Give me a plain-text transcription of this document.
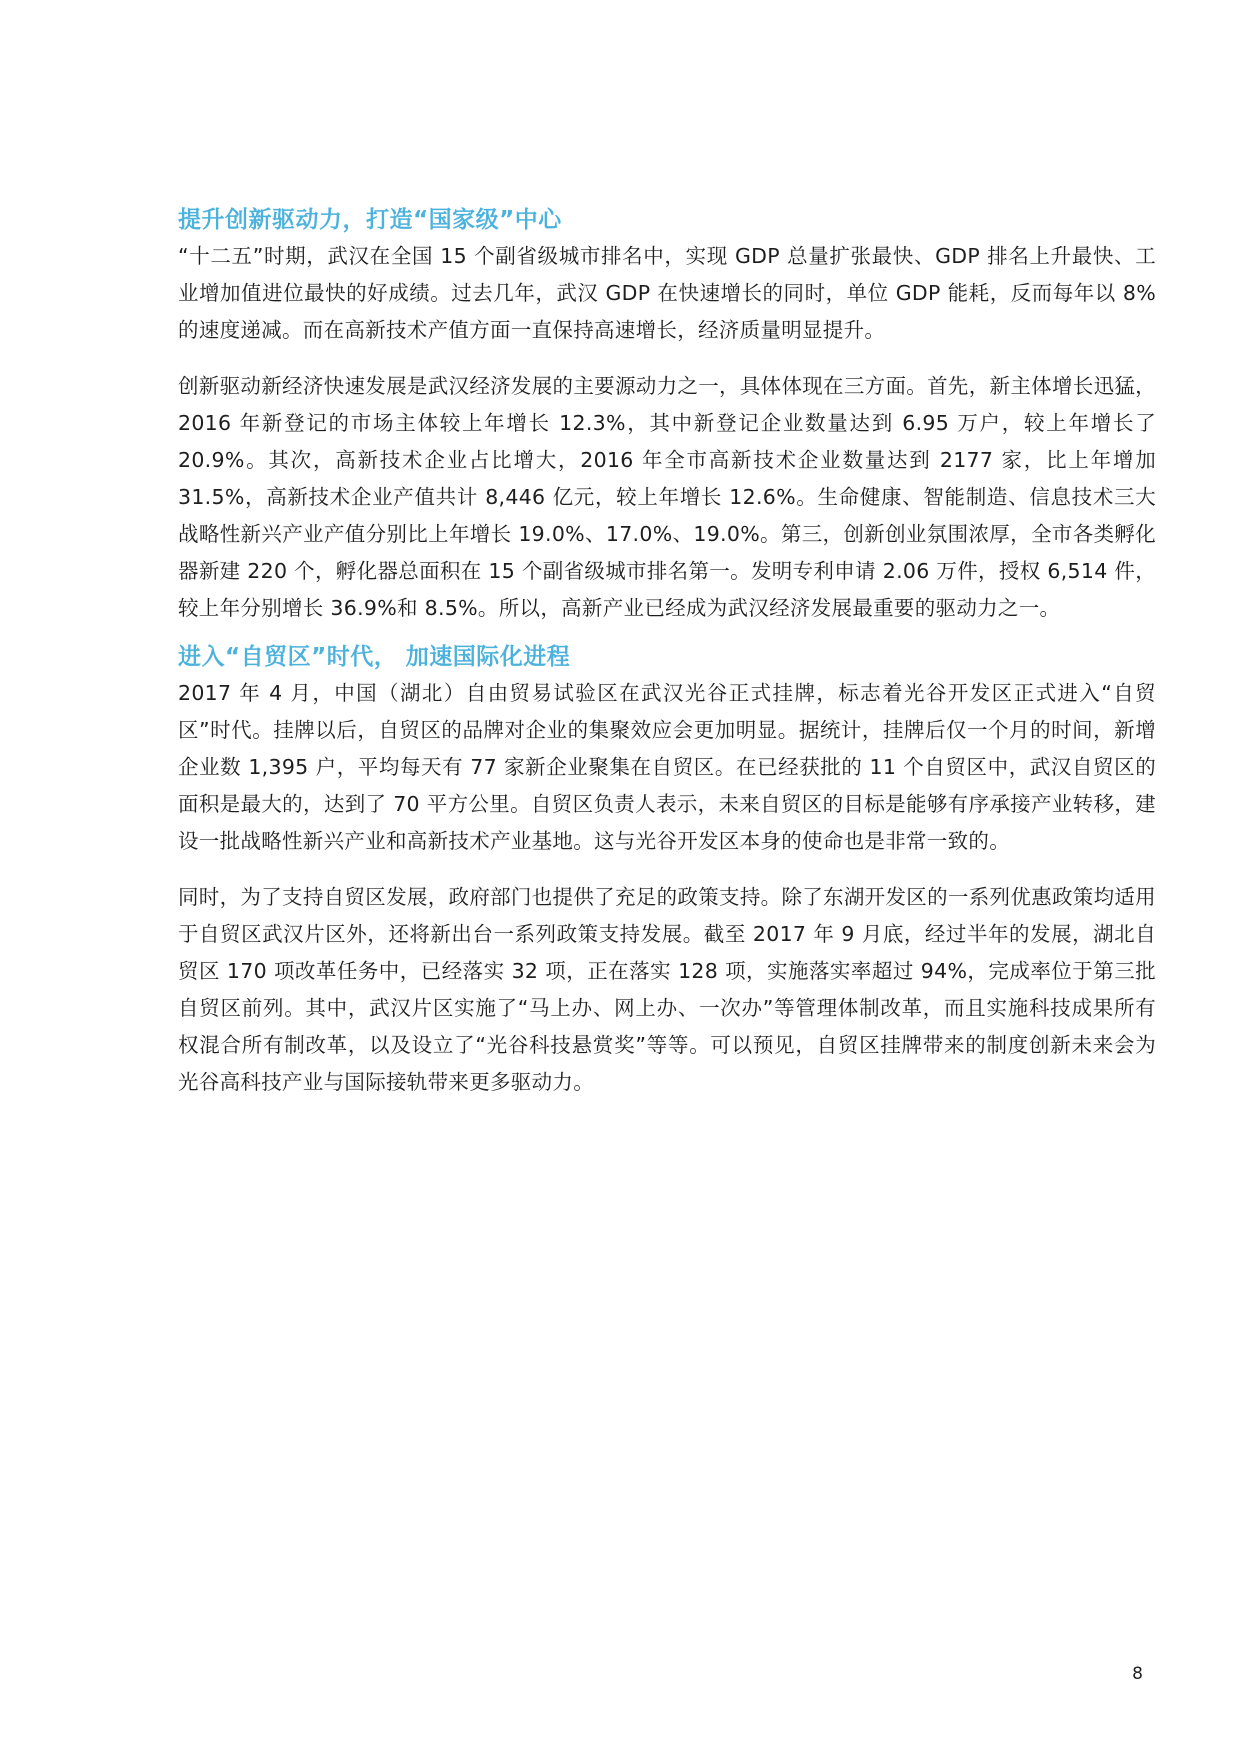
提升创新驱动力，打造“国家级”中心

“十二五”时期，武汉在全国 15 个副省级城市排名中，实现 GDP 总量扩张最快、GDP 排名上升最快、工业增加值进位最快的好成绩。过去几年，武汉 GDP 在快速增长的同时，单位 GDP 能耗，反而每年以 8%的速度递减。而在高新技术产值方面一直保持高速增长，经济质量明显提升。

创新驱动新经济快速发展是武汉经济发展的主要源动力之一，具体体现在三方面。首先，新主体增长迅猛，2016 年新登记的市场主体较上年增长 12.3%，其中新登记企业数量达到 6.95 万户，较上年增长了 20.9%。其次，高新技术企业占比增大，2016 年全市高新技术企业数量达到 2177 家，比上年增加 31.5%，高新技术企业产值共计 8,446 亿元，较上年增长 12.6%。生命健康、智能制造、信息技术三大战略性新兴产业产值分别比上年增长 19.0%、17.0%、19.0%。第三，创新创业氛围浓厚，全市各类孵化器新建 220 个，孵化器总面积在 15 个副省级城市排名第一。发明专利申请 2.06 万件，授权 6,514 件，较上年分别增长 36.9%和 8.5%。所以，高新产业已经成为武汉经济发展最重要的驱动力之一。

进入“自贸区”时代， 加速国际化进程

2017 年 4 月，中国（湖北）自由贸易试验区在武汉光谷正式挂牌，标志着光谷开发区正式进入“自贸区”时代。挂牌以后，自贸区的品牌对企业的集聚效应会更加明显。据统计，挂牌后仅一个月的时间，新增企业数 1,395 户，平均每天有 77 家新企业聚集在自贸区。在已经获批的 11 个自贸区中，武汉自贸区的面积是最大的，达到了 70 平方公里。自贸区负责人表示，未来自贸区的目标是能够有序承接产业转移，建设一批战略性新兴产业和高新技术产业基地。这与光谷开发区本身的使命也是非常一致的。

同时，为了支持自贸区发展，政府部门也提供了充足的政策支持。除了东湖开发区的一系列优惠政策均适用于自贸区武汉片区外，还将新出台一系列政策支持发展。截至 2017 年 9 月底，经过半年的发展，湖北自贸区 170 项改革任务中，已经落实 32 项，正在落实 128 项，实施落实率超过 94%，完成率位于第三批自贸区前列。其中，武汉片区实施了“马上办、网上办、一次办”等管理体制改革，而且实施科技成果所有权混合所有制改革，以及设立了“光谷科技悬赏奖”等等。可以预见，自贸区挂牌带来的制度创新未来会为光谷高科技产业与国际接轨带来更多驱动力。

8
